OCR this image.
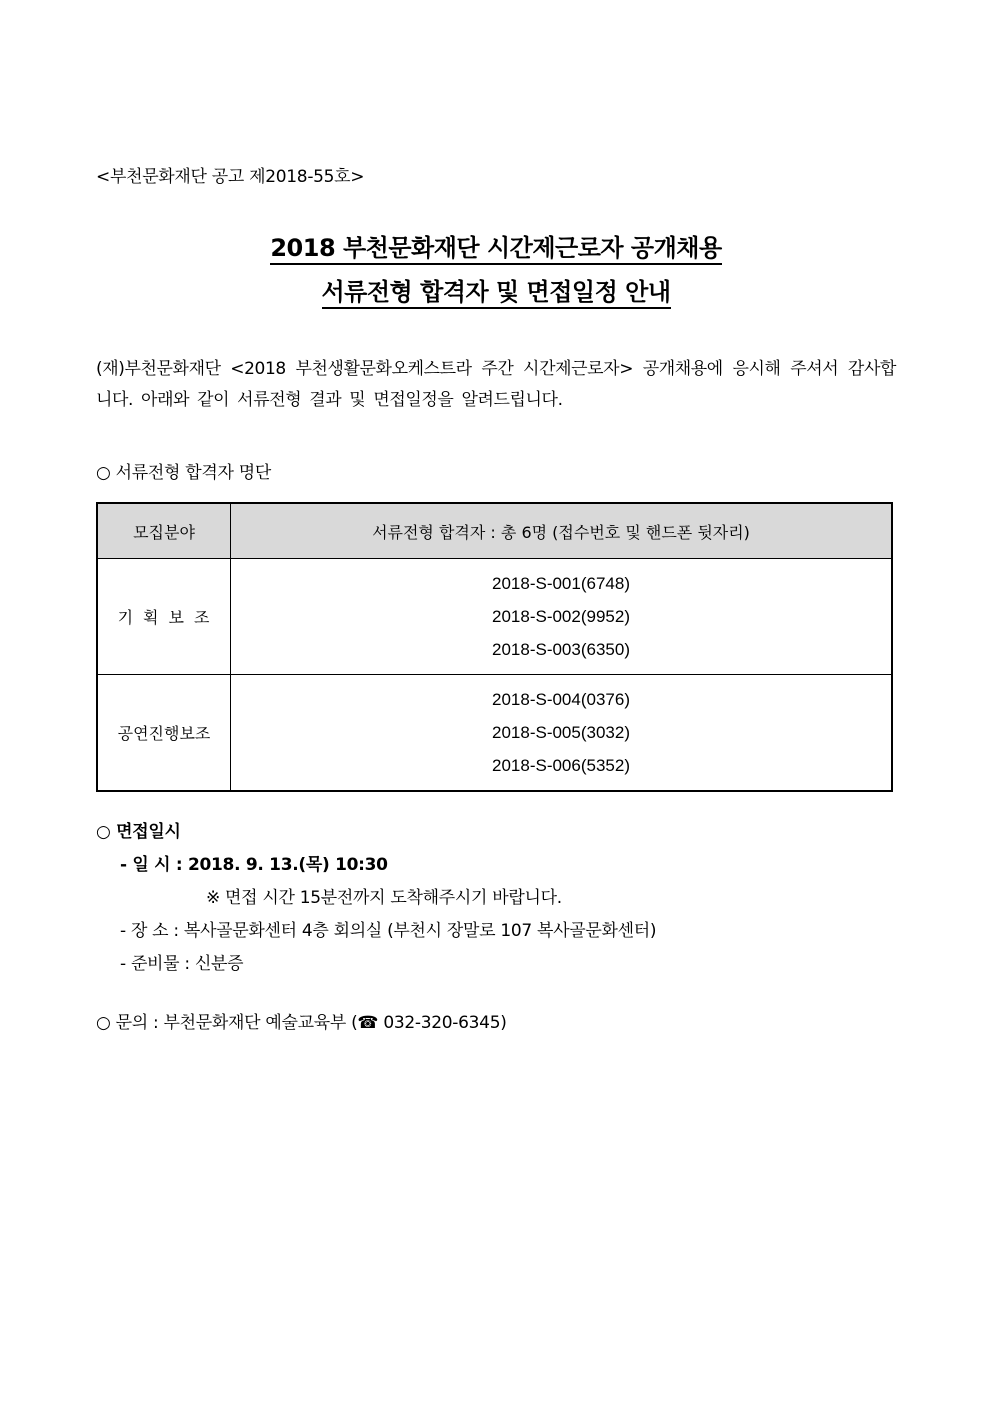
<부천문화재단 공고 제2018-55호>
2018 부천문화재단 시간제근로자 공개채용
서류전형 합격자 및 면접일정 안내
(재)부천문화재단 <2018 부천생활문화오케스트라 주간 시간제근로자> 공개채용에 응시해 주셔서 감사합니다. 아래와 같이 서류전형 결과 및 면접일정을 알려드립니다.
○ 서류전형 합격자 명단
모집분야	서류전형 합격자 : 총 6명 (접수번호 및 핸드폰 뒷자리)
기획보조	2018-S-001(6748)
2018-S-002(9952)
2018-S-003(6350)

공연진행보조	2018-S-004(0376)
2018-S-005(3032)
2018-S-006(5352)
○ 면접일시
- 일 시 : 2018. 9. 13.(목) 10:30
※ 면접 시간 15분전까지 도착해주시기 바랍니다.
- 장 소 : 복사골문화센터 4층 회의실 (부천시 장말로 107 복사골문화센터)
- 준비물 : 신분증
○ 문의 : 부천문화재단 예술교육부 (☎ 032-320-6345)
